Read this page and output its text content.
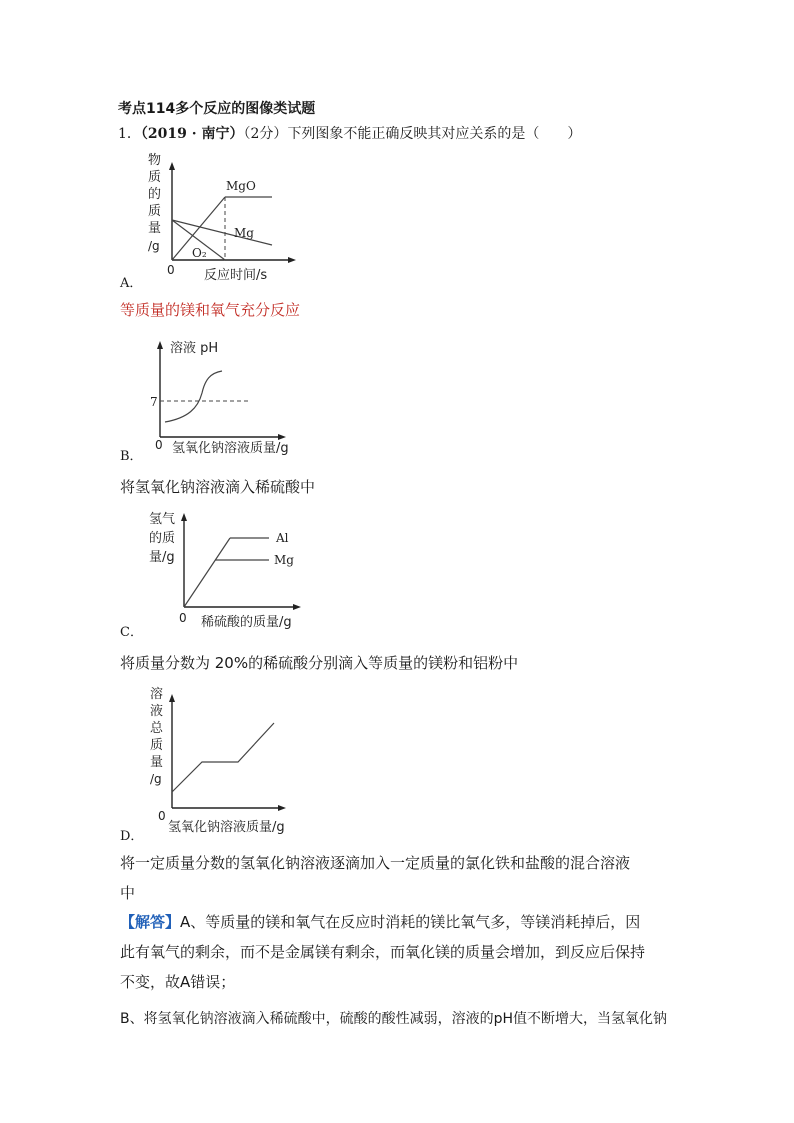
考点114多个反应的图像类试题
1．（2019 · 南宁）（2分）下列图象不能正确反映其对应关系的是（　　）
物
质
的
质
量
/g
MgO
Mg
O₂
0 反应时间/s
A．
等质量的镁和氧气充分反应
溶液 pH
7
0 氢氧化钠溶液质量/g
B．
将氢氧化钠溶液滴入稀硫酸中
氢气
的质
量/g
Al
Mg
0 稀硫酸的质量/g
C．
将质量分数为 20%的稀硫酸分别滴入等质量的镁粉和铝粉中
溶
液
总
质
量
/g
0
氢氧化钠溶液质量/g
D．
将一定质量分数的氢氧化钠溶液逐滴加入一定质量的氯化铁和盐酸的混合溶液
中
【解答】A、等质量的镁和氧气在反应时消耗的镁比氧气多，等镁消耗掉后，因
此有氧气的剩余，而不是金属镁有剩余，而氧化镁的质量会增加，到反应后保持
不变，故A错误；
B、将氢氧化钠溶液滴入稀硫酸中，硫酸的酸性减弱，溶液的pH值不断增大，当氢氧化钠
